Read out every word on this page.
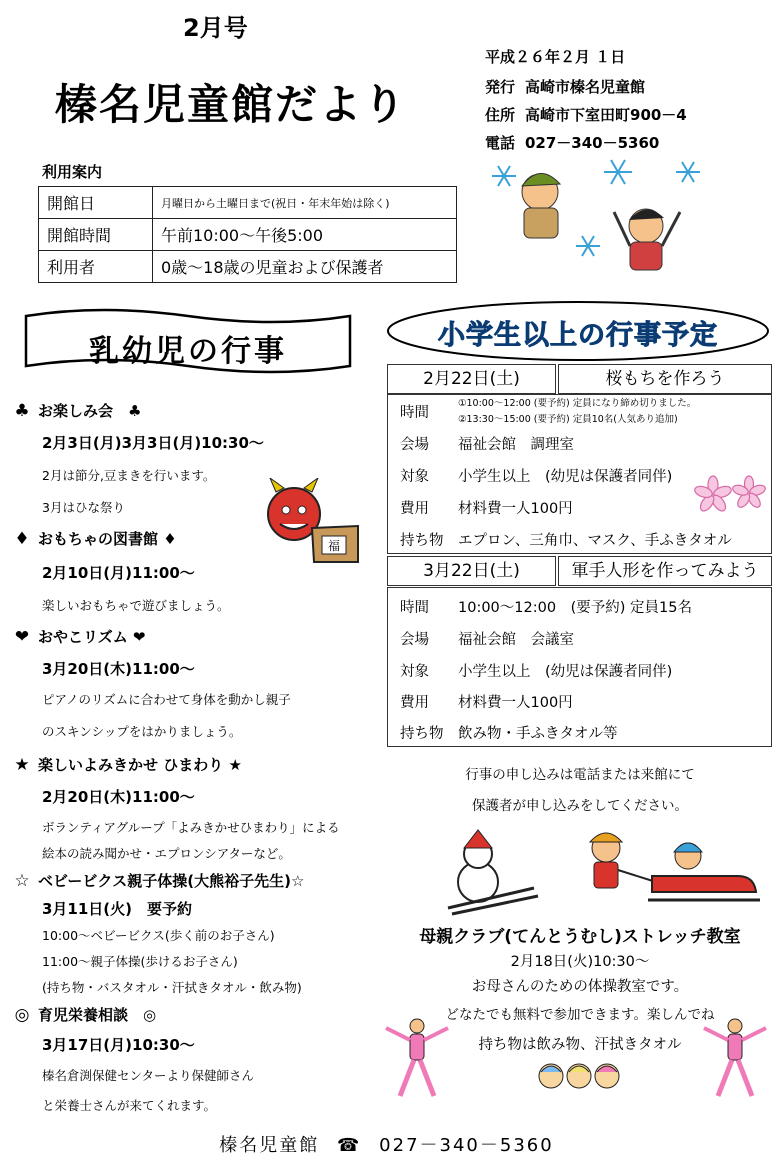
2月号
榛名児童館だより
平成２６年２月 １日
発行 高崎市榛名児童館
住所 高崎市下室田町900－4
電話 027－340－5360
利用案内
開館日	月曜日から土曜日まで(祝日・年末年始は除く)
開館時間	午前10:00～午後5:00
利用者	0歳～18歳の児童および保護者
乳幼児の行事	小学生以上の行事予定
♣ お楽しみ会　♣
2月3日(月)3月3日(月)10:30～
2月は節分,豆まきを行います。
3月はひな祭り
♦ おもちゃの図書館 ♦
2月10日(月)11:00～
楽しいおもちゃで遊びましょう。
❤ おやこリズム ❤
3月20日(木)11:00～
ピアノのリズムに合わせて身体を動かし親子
のスキンシップをはかりましょう。
★ 楽しいよみきかせ ひまわり ★
2月20日(木)11:00～
ボランティアグループ「よみきかせひまわり」による
絵本の読み聞かせ・エプロンシアターなど。
☆ ベビービクス親子体操(大熊裕子先生)☆
3月11日(火)　要予約
10:00～ベビービクス(歩く前のお子さん)
11:00～親子体操(歩けるお子さん)
(持ち物・バスタオル・汗拭きタオル・飲み物)
◎ 育児栄養相談　◎
3月17日(月)10:30～
榛名倉渕保健センターより保健師さん
と栄養士さんが来てくれます。
福
2月22日(土)	桜もちを作ろう
時間
①10:00～12:00 (要予約) 定員になり締め切りました。
②13:30～15:00 (要予約) 定員10名(人気あり追加)
会場 福祉会館　調理室
対象 小学生以上　(幼児は保護者同伴)
費用 材料費一人100円
持ち物 エプロン、三角巾、マスク、手ふきタオル
3月22日(土)	軍手人形を作ってみよう
時間 10:00～12:00　(要予約) 定員15名
会場 福祉会館　会議室
対象 小学生以上　(幼児は保護者同伴)
費用 材料費一人100円
持ち物 飲み物・手ふきタオル等
行事の申し込みは電話または来館にて
保護者が申し込みをしてください。
母親クラブ(てんとうむし)ストレッチ教室
2月18日(火)10:30～
お母さんのための体操教室です。
どなたでも無料で参加できます。楽しんでね
持ち物は飲み物、汗拭きタオル
榛名児童館 ☎ 027－340－5360
